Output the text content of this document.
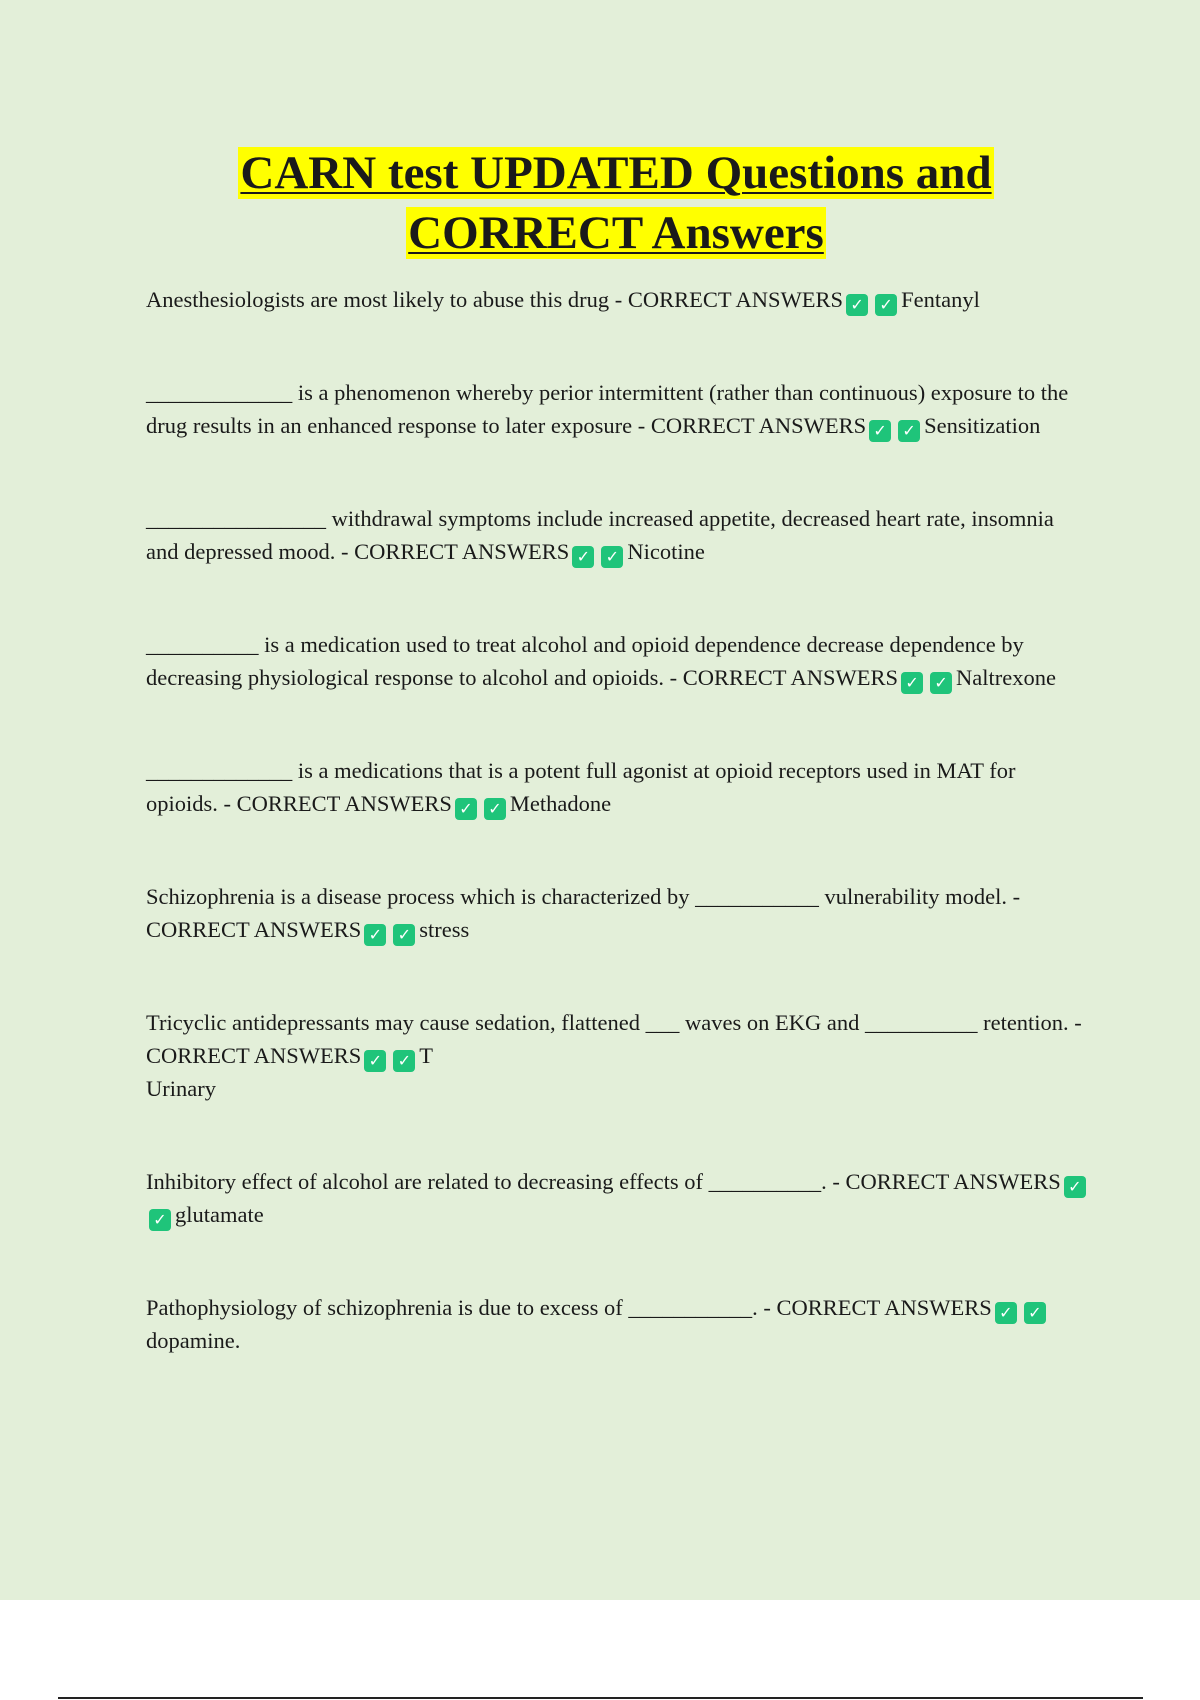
CARN test UPDATED Questions and
CORRECT Answers

Anesthesiologists are most likely to abuse this drug - CORRECT ANSWERS ✓ ✓ Fentanyl

_____________ is a phenomenon whereby perior intermittent (rather than continuous) exposure to the drug results in an enhanced response to later exposure - CORRECT ANSWERS ✓ ✓ Sensitization

________________ withdrawal symptoms include increased appetite, decreased heart rate, insomnia and depressed mood. - CORRECT ANSWERS ✓ ✓ Nicotine

__________ is a medication used to treat alcohol and opioid dependence decrease dependence by decreasing physiological response to alcohol and opioids. - CORRECT ANSWERS ✓ ✓ Naltrexone

_____________ is a medications that is a potent full agonist at opioid receptors used in MAT for opioids. - CORRECT ANSWERS ✓ ✓ Methadone

Schizophrenia is a disease process which is characterized by ___________ vulnerability model. - CORRECT ANSWERS ✓ ✓ stress

Tricyclic antidepressants may cause sedation, flattened ___ waves on EKG and __________ retention. - CORRECT ANSWERS ✓ ✓ T

Urinary

Inhibitory effect of alcohol are related to decreasing effects of __________. - CORRECT ANSWERS ✓✓ glutamate

Pathophysiology of schizophrenia is due to excess of ___________. - CORRECT ANSWERS ✓ ✓dopamine.
